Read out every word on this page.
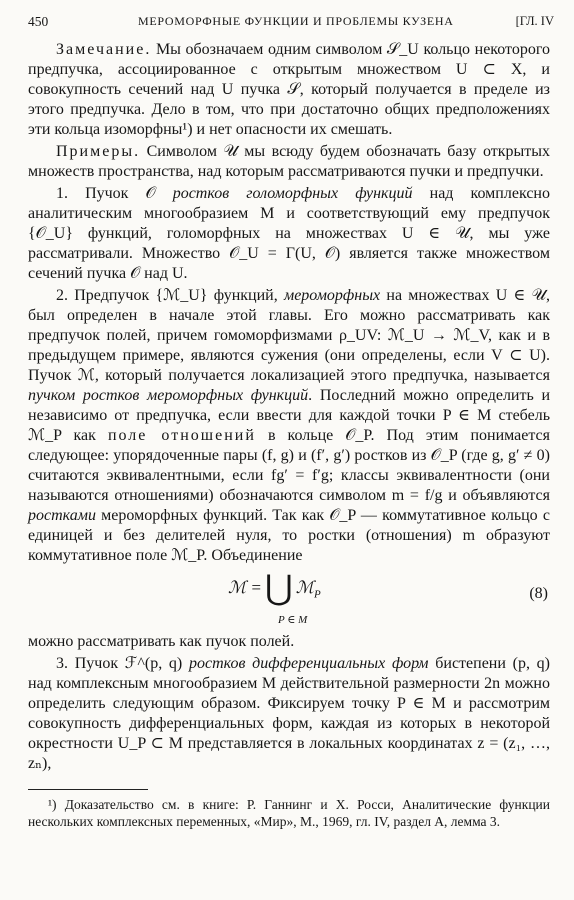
450	МЕРОМОРФНЫЕ ФУНКЦИИ И ПРОБЛЕМЫ КУЗЕНА	[ГЛ. IV

Замечание. Мы обозначаем одним символом 𝒮_U кольцо некоторого предпучка, ассоциированное с открытым множеством U ⊂ X, и совокупность сечений над U пучка 𝒮, который получается в пределе из этого предпучка. Дело в том, что при достаточно общих предположениях эти кольца изоморфны¹) и нет опасности их смешать.

Примеры. Символом 𝒰 мы всюду будем обозначать базу открытых множеств пространства, над которым рассматриваются пучки и предпучки.

1. Пучок 𝒪 ростков голоморфных функций над комплексно аналитическим многообразием M и соответствующий ему предпучок {𝒪_U} функций, голоморфных на множествах U ∈ 𝒰, мы уже рассматривали. Множество 𝒪_U = Γ(U, 𝒪) является также множеством сечений пучка 𝒪 над U.

2. Предпучок {ℳ_U} функций, мероморфных на множествах U ∈ 𝒰, был определен в начале этой главы. Его можно рассматривать как предпучок полей, причем гомоморфизмами ρ_UV: ℳ_U → ℳ_V, как и в предыдущем примере, являются сужения (они определены, если V ⊂ U). Пучок ℳ, который получается локализацией этого предпучка, называется пучком ростков мероморфных функций. Последний можно определить и независимо от предпучка, если ввести для каждой точки P ∈ M стебель ℳ_P как поле отношений в кольце 𝒪_P. Под этим понимается следующее: упорядоченные пары (f, g) и (f′, g′) ростков из 𝒪_P (где g, g′ ≠ 0) считаются эквивалентными, если fg′ = f′g; классы эквивалентности (они называются отношениями) обозначаются символом m = f/g и объявляются ростками мероморфных функций. Так как 𝒪_P — коммутативное кольцо с единицей и без делителей нуля, то ростки (отношения) m образуют коммутативное поле ℳ_P. Объединение

ℳ =⋃ ℳ$_P$
P ∈ M
(8)

можно рассматривать как пучок полей.

3. Пучок ℱ^(p, q) ростков дифференциальных форм бистепени (p, q) над комплексным многообразием M действительной размерности 2n можно определить следующим образом. Фиксируем точку P ∈ M и рассмотрим совокупность дифференциальных форм, каждая из которых в некоторой окрестности U_P ⊂ M представляется в локальных координатах z = (z₁, …, zₙ),

¹) Доказательство см. в книге: Р. Ганнинг и Х. Росси, Аналитические функции нескольких комплексных переменных, «Мир», М., 1969, гл. IV, раздел А, лемма 3.
